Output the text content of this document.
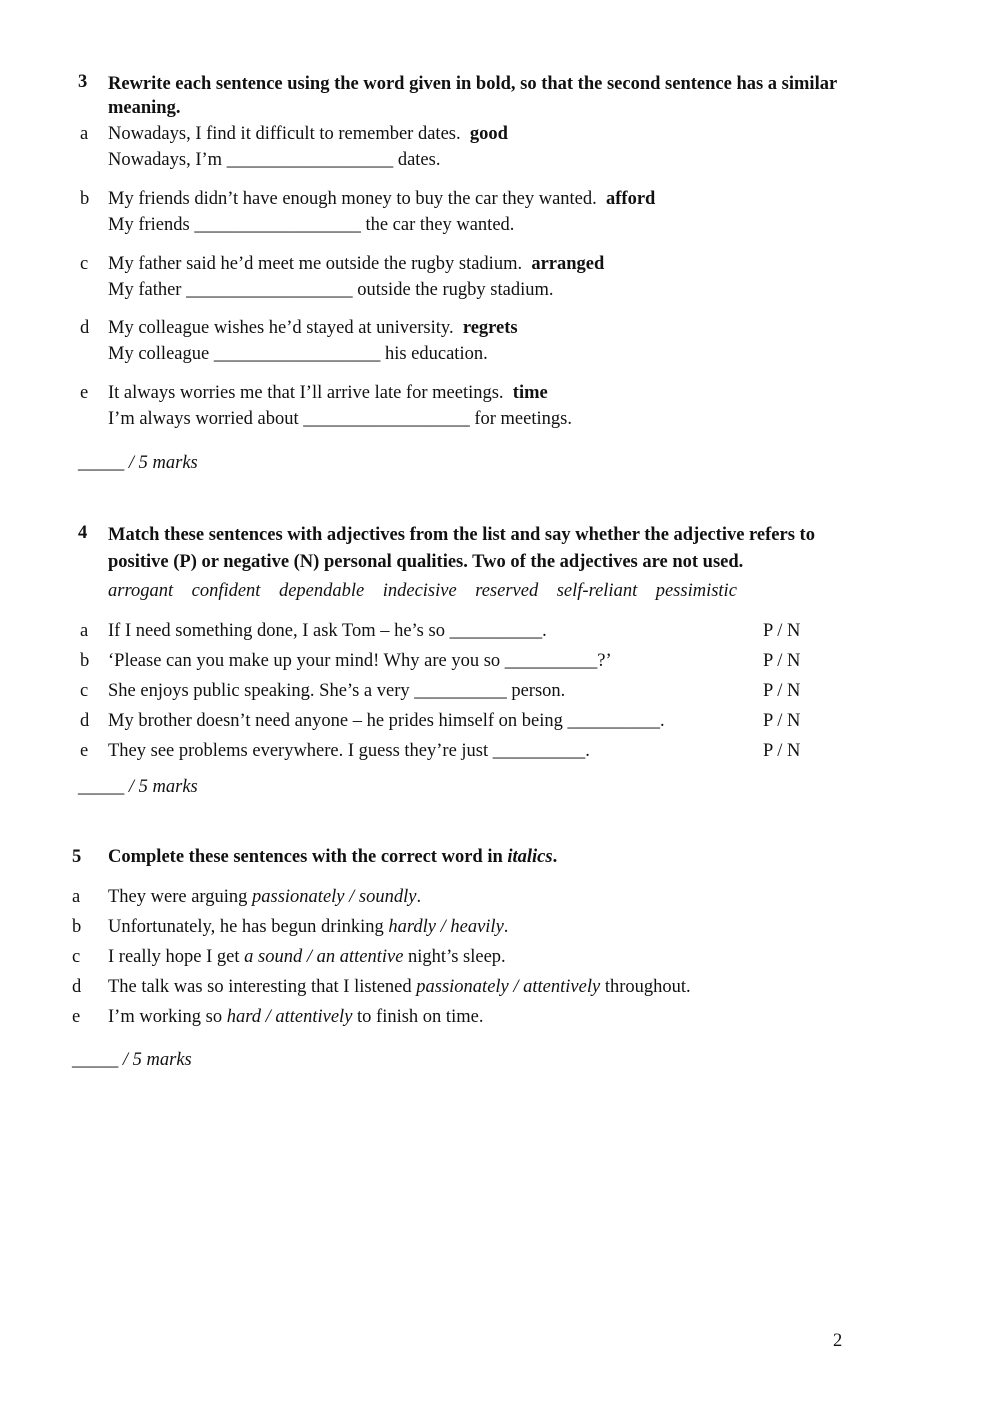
3 Rewrite each sentence using the word given in bold, so that the second sentence has a similar
meaning.
a Nowadays, I find it difficult to remember dates. good
Nowadays, I’m __________________ dates.
b My friends didn’t have enough money to buy the car they wanted. afford
My friends __________________ the car they wanted.
c My father said he’d meet me outside the rugby stadium. arranged
My father __________________ outside the rugby stadium.
d My colleague wishes he’d stayed at university. regrets
My colleague __________________ his education.
e It always worries me that I’ll arrive late for meetings. time
I’m always worried about __________________ for meetings.
_____ / 5 marks
4 Match these sentences with adjectives from the list and say whether the adjective refers to
positive (P) or negative (N) personal qualities. Two of the adjectives are not used.
arrogant confident dependable indecisive reserved self-reliant pessimistic
a If I need something done, I ask Tom – he’s so __________.	P / N
b ‘Please can you make up your mind! Why are you so __________?’	P / N
c She enjoys public speaking. She’s a very __________ person.	P / N
d My brother doesn’t need anyone – he prides himself on being __________.	P / N
e They see problems everywhere. I guess they’re just __________.	P / N
_____ / 5 marks
5 Complete these sentences with the correct word in italics.
a They were arguing passionately / soundly.
b Unfortunately, he has begun drinking hardly / heavily.
c I really hope I get a sound / an attentive night’s sleep.
d The talk was so interesting that I listened passionately / attentively throughout.
e I’m working so hard / attentively to finish on time.
_____ / 5 marks
2
